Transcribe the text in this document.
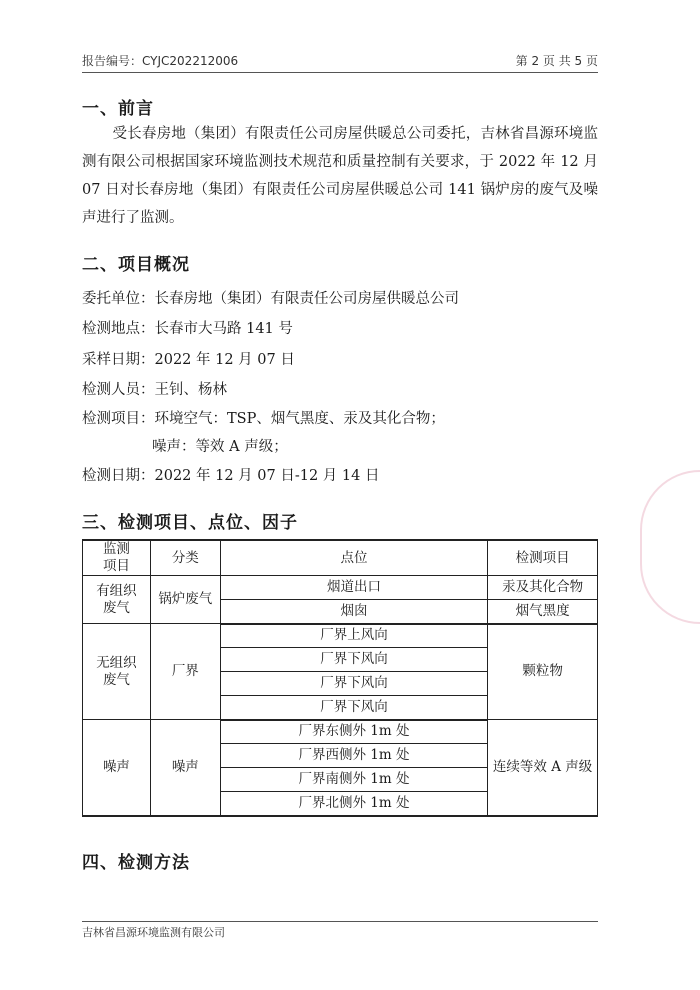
报告编号：CYJC202212006	第 2 页 共 5 页
一、前言

受长春房地（集团）有限责任公司房屋供暖总公司委托，吉林省昌源环境监测有限公司根据国家环境监测技术规范和质量控制有关要求，于 2022 年 12 月 07 日对长春房地（集团）有限责任公司房屋供暖总公司 141 锅炉房的废气及噪声进行了监测。

二、项目概况
委托单位：长春房地（集团）有限责任公司房屋供暖总公司
检测地点：长春市大马路 141 号
采样日期：2022 年 12 月 07 日
检测人员：王钊、杨林
检测项目：环境空气：TSP、烟气黑度、汞及其化合物；
噪声：等效 A 声级；
检测日期：2022 年 12 月 07 日-12 月 14 日
三、检测项目、点位、因子
监测
项目	分类	点位	检测项目

有组织
废气	锅炉废气	烟道出口	汞及其化合物
		烟囱	烟气黑度

无组织
废气	厂界	厂界上风向	颗粒物
		厂界下风向	
		厂界下风向	
		厂界下风向	
噪声	噪声	厂界东侧外 1m 处	连续等效 A 声级
		厂界西侧外 1m 处	
		厂界南侧外 1m 处	
		厂界北侧外 1m 处	
四、检测方法
吉林省昌源环境监测有限公司
